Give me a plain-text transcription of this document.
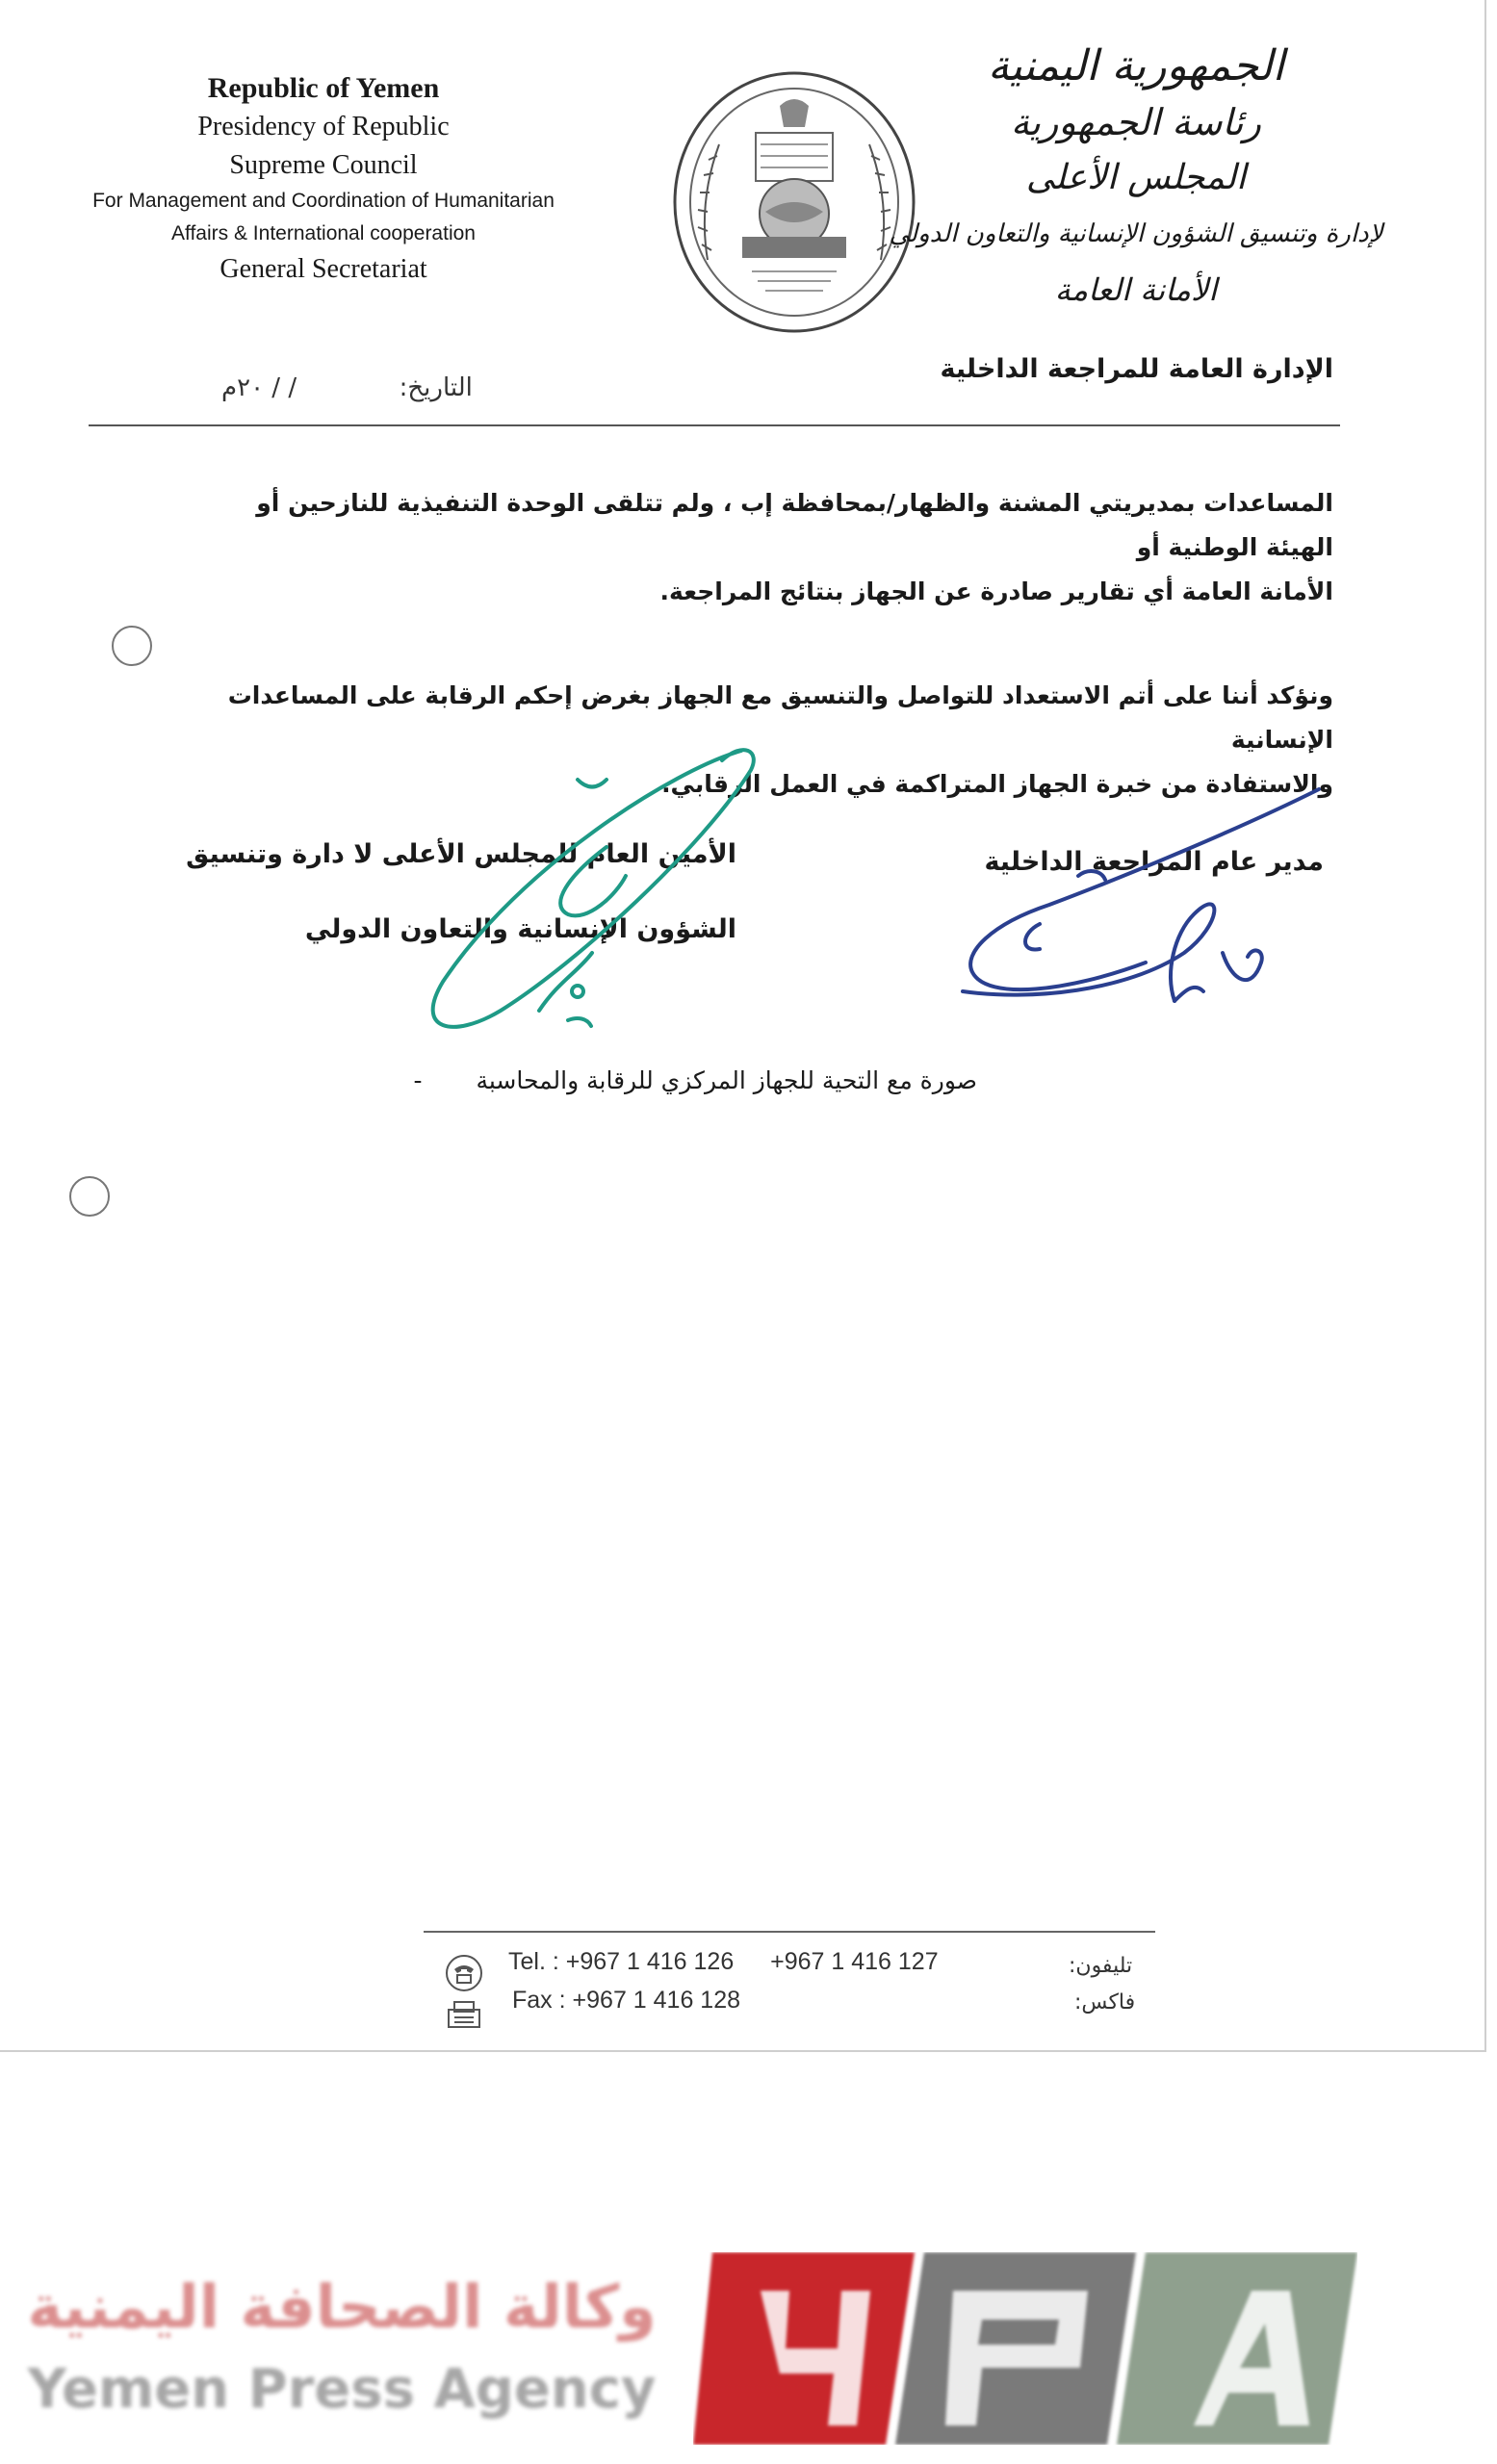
Republic of Yemen
Presidency of Republic
Supreme Council
For Management and Coordination of Humanitarian
Affairs & International cooperation
General Secretariat
الجمهورية اليمنية
رئاسة الجمهورية
المجلس الأعلى
لإدارة وتنسيق الشؤون الإنسانية والتعاون الدولي
الأمانة العامة
الإدارة العامة للمراجعة الداخلية
التاريخ:  / / ٢٠م
المساعدات بمديريتي المشنة والظهار/بمحافظة إب ، ولم تتلقى الوحدة التنفيذية للنازحين أو الهيئة الوطنية أو
الأمانة العامة أي تقارير صادرة عن الجهاز بنتائج المراجعة.
ونؤكد أننا على أتم الاستعداد للتواصل والتنسيق مع الجهاز بغرض إحكم الرقابة على المساعدات الإنسانية
والاستفادة من خبرة الجهاز المتراكمة في العمل الرقابي.
مدير عام المراجعة الداخلية
الأمين العام للمجلس الأعلى لا دارة وتنسيق
الشؤون الإنسانية والتعاون الدولي
صورة مع التحية للجهاز المركزي للرقابة والمحاسبة  -
Tel. : +967 1 416 126 +967 1 416 127
Fax : +967 1 416 128
تليفون:
فاكس:
وكالة الصحافة اليمنية
Yemen Press Agency
